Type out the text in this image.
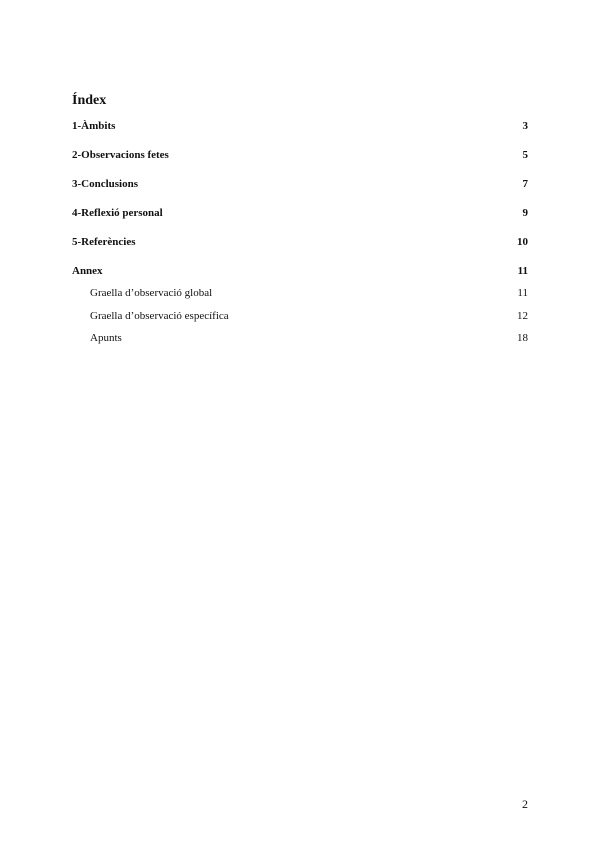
Índex
1-Àmbits	3
2-Observacions fetes	5
3-Conclusions	7
4-Reflexió personal	9
5-Referències	10
Annex	11
Graella d’observació global	11
Graella d’observació específica	12
Apunts	18
2
